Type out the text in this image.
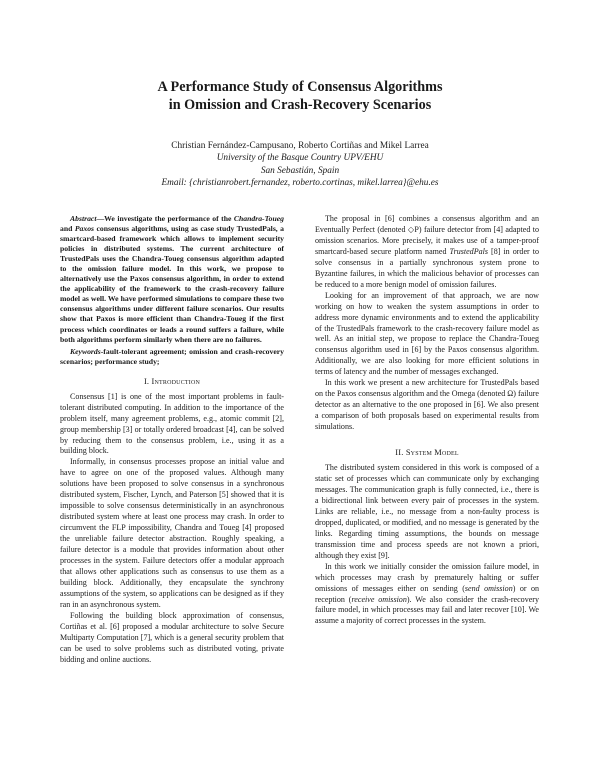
A Performance Study of Consensus Algorithms
in Omission and Crash-Recovery Scenarios
Christian Fernández-Campusano, Roberto Cortiñas and Mikel Larrea
University of the Basque Country UPV/EHU
San Sebastián, Spain
Email: {christianrobert.fernandez, roberto.cortinas, mikel.larrea}@ehu.es

Abstract—We investigate the performance of the Chandra-Toueg and Paxos consensus algorithms, using as case study TrustedPals, a smartcard-based framework which allows to implement security policies in distributed systems. The current architecture of TrustedPals uses the Chandra-Toueg consensus algorithm adapted to the omission failure model. In this work, we propose to alternatively use the Paxos consensus algorithm, in order to extend the applicability of the framework to the crash-recovery failure model as well. We have performed simulations to compare these two consensus algorithms under different failure scenarios. Our results show that Paxos is more efficient than Chandra-Toueg if the first process which coordinates or leads a round suffers a failure, while both algorithms perform similarly when there are no failures.

Keywords-fault-tolerant agreement; omission and crash-recovery scenarios; performance study;

I. Introduction

Consensus [1] is one of the most important problems in fault-tolerant distributed computing. In addition to the importance of the problem itself, many agreement problems, e.g., atomic commit [2], group membership [3] or totally ordered broadcast [4], can be solved by reducing them to the consensus problem, i.e., using it as a building block.

Informally, in consensus processes propose an initial value and have to agree on one of the proposed values. Although many solutions have been proposed to solve consensus in a synchronous distributed system, Fischer, Lynch, and Paterson [5] showed that it is impossible to solve consensus deterministically in an asynchronous distributed system where at least one process may crash. In order to circumvent the FLP impossibility, Chandra and Toueg [4] proposed the unreliable failure detector abstraction. Roughly speaking, a failure detector is a module that provides information about other processes in the system. Failure detectors offer a modular approach that allows other applications such as consensus to use them as a building block. Additionally, they encapsulate the synchrony assumptions of the system, so applications can be designed as if they ran in an asynchronous system.

Following the building block approximation of consensus, Cortiñas et al. [6] proposed a modular architecture to solve Secure Multiparty Computation [7], which is a general security problem that can be used to solve problems such as distributed voting, private bidding and online auctions.

The proposal in [6] combines a consensus algorithm and an Eventually Perfect (denoted ◇P) failure detector from [4] adapted to omission scenarios. More precisely, it makes use of a tamper-proof smartcard-based secure platform named TrustedPals [8] in order to solve consensus in a partially synchronous system prone to Byzantine failures, in which the malicious behavior of processes can be reduced to a more benign model of omission failures.

Looking for an improvement of that approach, we are now working on how to weaken the system assumptions in order to address more dynamic environments and to extend the applicability of the TrustedPals framework to the crash-recovery failure model as well. As an initial step, we propose to replace the Chandra-Toueg consensus algorithm used in [6] by the Paxos consensus algorithm. Additionally, we are also looking for more efficient solutions in terms of latency and the number of messages exchanged.

In this work we present a new architecture for TrustedPals based on the Paxos consensus algorithm and the Omega (denoted Ω) failure detector as an alternative to the one proposed in [6]. We also present a comparison of both proposals based on experimental results from simulations.

II. System Model

The distributed system considered in this work is composed of a static set of processes which can communicate only by exchanging messages. The communication graph is fully connected, i.e., there is a bidirectional link between every pair of processes in the system. Links are reliable, i.e., no message from a non-faulty process is dropped, duplicated, or modified, and no message is generated by the links. Regarding timing assumptions, the bounds on message transmission time and process speeds are not known a priori, although they exist [9].

In this work we initially consider the omission failure model, in which processes may crash by prematurely halting or suffer omissions of messages either on sending (send omission) or on reception (receive omission). We also consider the crash-recovery failure model, in which processes may fail and later recover [10]. We assume a majority of correct processes in the system.
